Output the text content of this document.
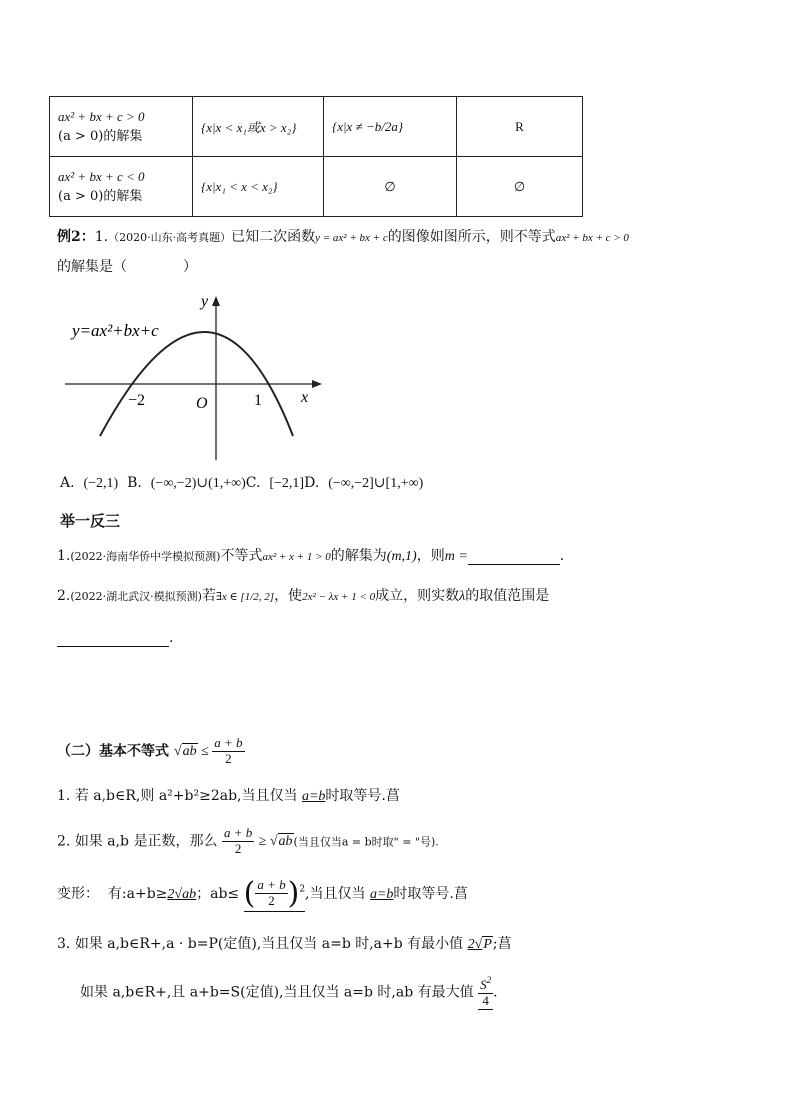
ax² + bx + c > 0
(a > 0)的解集	{x|x < x₁或x > x₂}	{x|x ≠ −b/2a}	R

ax² + bx + c < 0
(a > 0)的解集	{x|x₁ < x < x₂}	∅	∅
例2：1.（2020·山东·高考真题）已知二次函数y = ax² + bx + c的图像如图所示，则不等式ax² + bx + c > 0
的解集是（　　　　）
y=ax²+bx+c
y
x
O
−2	1
A. (−2,1) B. (−∞,−2)∪(1,+∞)C. [−2,1]D. (−∞,−2]∪[1,+∞)
举一反三
1.(2022·海南华侨中学模拟预测)不等式ax² + x + 1 > 0的解集为(m,1)，则m =	.
2.(2022·湖北武汉·模拟预测)若∃x ∈ [1/2, 2]，使2x² − λx + 1 < 0成立，则实数λ的取值范围是
.
（二）基本不等式 $√ab \le \frac{a + b}{2}$
1. 若 a,b∈R,则 a²+b²≥2ab,当且仅当 a=b时取等号.菖
2. 如果 a,b 是正数，那么 $\frac{a + b}{2} \ge √ab$(当且仅当a = b时取" = "号).
变形： 有:a+b≥2√ab；ab≤ ( $\frac{a + b}{2} )^2$,当且仅当 a=b时取等号.菖
3. 如果 a,b∈R+,a · b=P(定值),当且仅当 a=b 时,a+b 有最小值 2√P;菖
如果 a,b∈R+,且 a+b=S(定值),当且仅当 a=b 时,ab 有最大值 $\frac{S^2}{4}$ .
